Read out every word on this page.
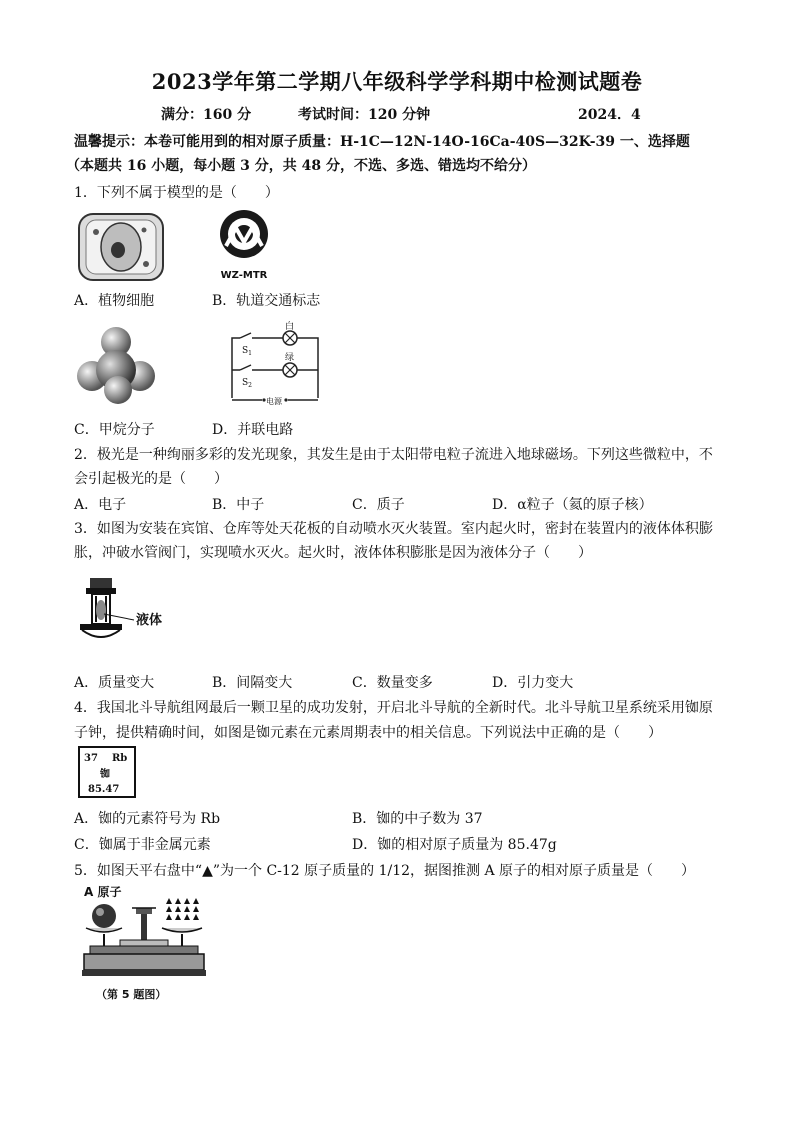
2023学年第二学期八年级科学学科期中检测试题卷
满分：160 分	考试时间：120 分钟	2024．4
温馨提示：本卷可能用到的相对原子质量：H-1C—12N-14O-16Ca-40S—32K-39 一、选择题
（本题共 16 小题，每小题 3 分，共 48 分，不选、多选、错选均不给分）
1．下列不属于模型的是（　　）
WZ-MTR
A．植物细胞	B．轨道交通标志
$S_1$
$S_2$
白
绿
电源
C．甲烷分子	D．并联电路
2．极光是一种绚丽多彩的发光现象，其发生是由于太阳带电粒子流进入地球磁场。下列这些微粒中，不
会引起极光的是（　　）
A．电子	B．中子	C．质子	D．α粒子（氦的原子核）
3．如图为安装在宾馆、仓库等处天花板的自动喷水灭火装置。室内起火时，密封在装置内的液体体积膨
胀，冲破水管阀门，实现喷水灭火。起火时，液体体积膨胀是因为液体分子（　　）
液体
A．质量变大	B．间隔变大	C．数量变多	D．引力变大
4．我国北斗导航组网最后一颗卫星的成功发射，开启北斗导航的全新时代。北斗导航卫星系统采用铷原
子钟，提供精确时间，如图是铷元素在元素周期表中的相关信息。下列说法中正确的是（　　）
37 Rb
铷
85.47
A．铷的元素符号为 Rb	B．铷的中子数为 37
C．铷属于非金属元素	D．铷的相对原子质量为 85.47g
5．如图天平右盘中“▲”为一个 C-12 原子质量的 1/12，据图推测 A 原子的相对原子质量是（　　）
A 原子
（第 5 题图）
